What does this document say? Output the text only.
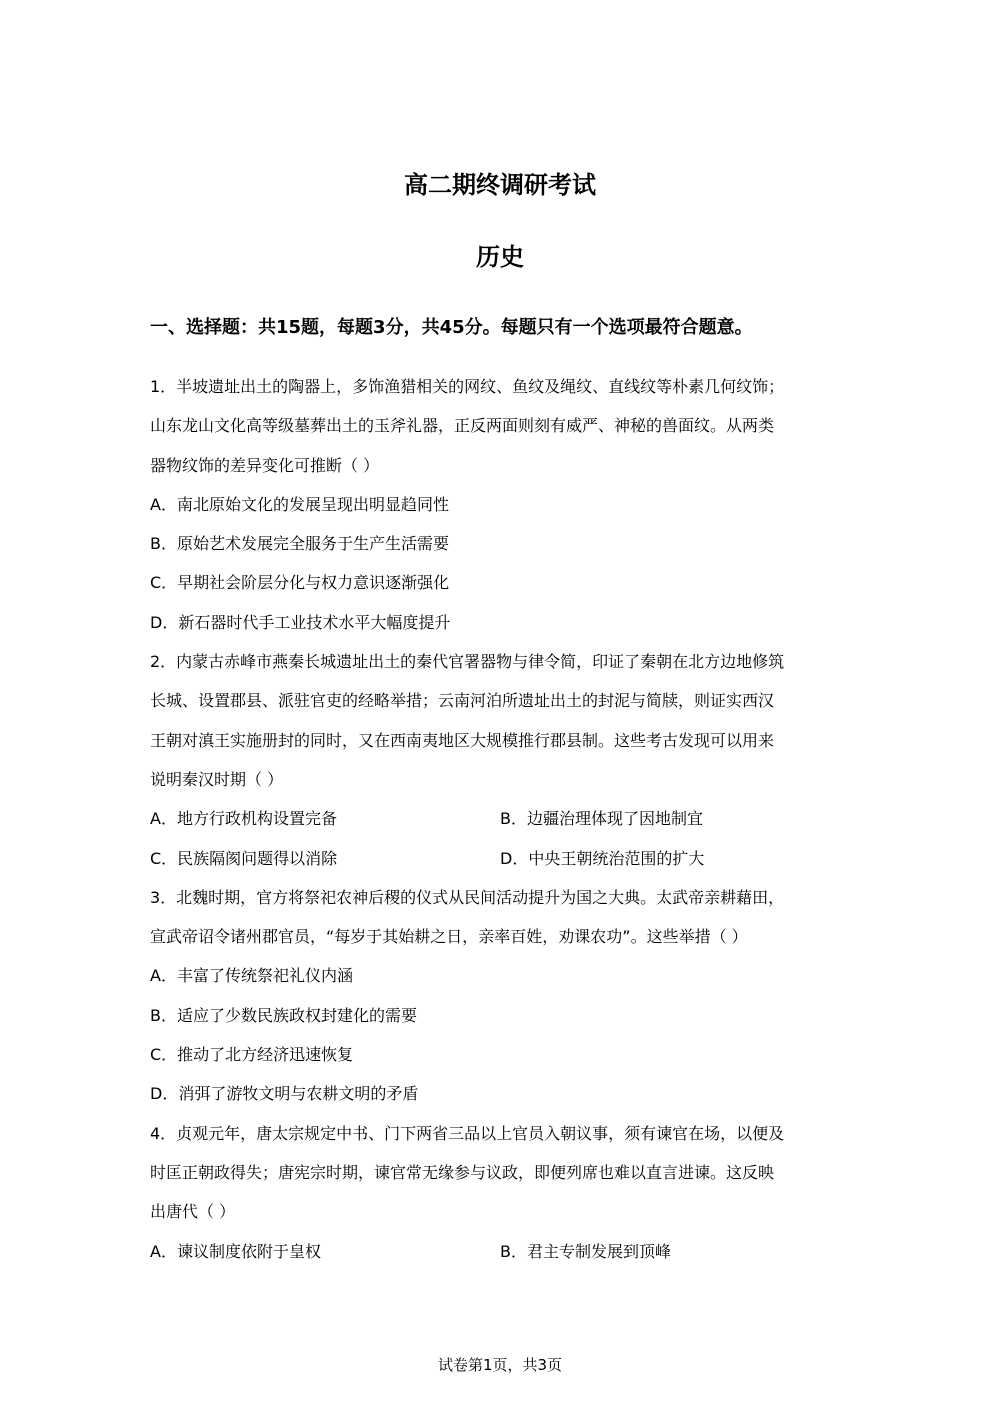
高二期终调研考试
历史
一、选择题：共15题，每题3分，共45分。每题只有一个选项最符合题意。
1．半坡遗址出土的陶器上，多饰渔猎相关的网纹、鱼纹及绳纹、直线纹等朴素几何纹饰；
山东龙山文化高等级墓葬出土的玉斧礼器，正反两面则刻有威严、神秘的兽面纹。从两类
器物纹饰的差异变化可推断（ ）
A．南北原始文化的发展呈现出明显趋同性
B．原始艺术发展完全服务于生产生活需要
C．早期社会阶层分化与权力意识逐渐强化
D．新石器时代手工业技术水平大幅度提升
2．内蒙古赤峰市燕秦长城遗址出土的秦代官署器物与律令简，印证了秦朝在北方边地修筑
长城、设置郡县、派驻官吏的经略举措；云南河泊所遗址出土的封泥与简牍，则证实西汉
王朝对滇王实施册封的同时，又在西南夷地区大规模推行郡县制。这些考古发现可以用来
说明秦汉时期（ ）
A．地方行政机构设置完备	B．边疆治理体现了因地制宜
C．民族隔阂问题得以消除	D．中央王朝统治范围的扩大
3．北魏时期，官方将祭祀农神后稷的仪式从民间活动提升为国之大典。太武帝亲耕藉田，
宣武帝诏令诸州郡官员，“每岁于其始耕之日，亲率百姓，劝课农功”。这些举措（ ）
A．丰富了传统祭祀礼仪内涵
B．适应了少数民族政权封建化的需要
C．推动了北方经济迅速恢复
D．消弭了游牧文明与农耕文明的矛盾
4．贞观元年，唐太宗规定中书、门下两省三品以上官员入朝议事，须有谏官在场，以便及
时匡正朝政得失；唐宪宗时期，谏官常无缘参与议政，即便列席也难以直言进谏。这反映
出唐代（ ）
A．谏议制度依附于皇权	B．君主专制发展到顶峰
试卷第1页，共3页
